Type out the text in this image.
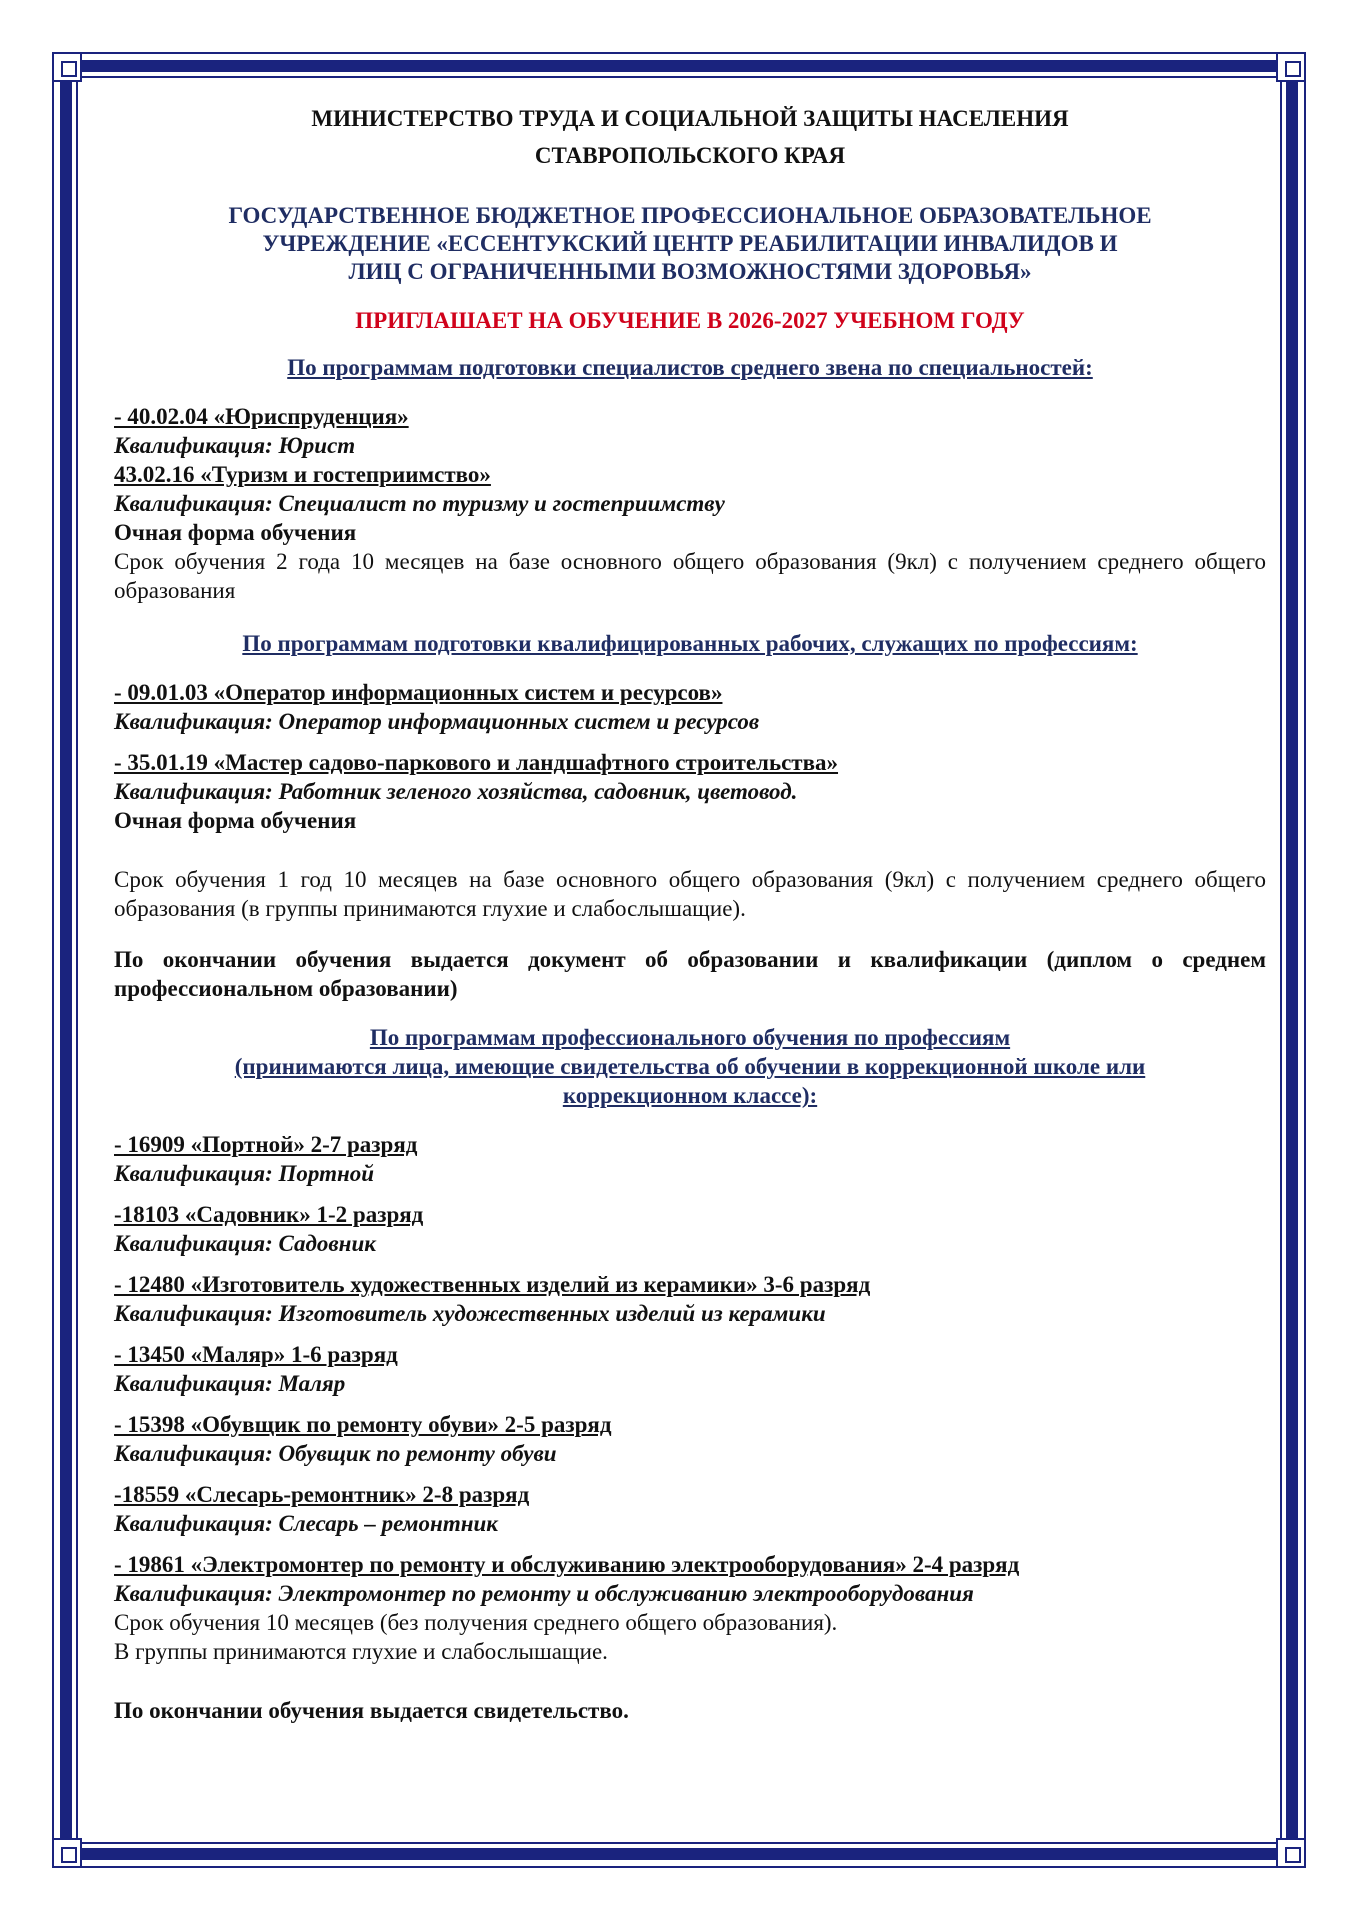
МИНИСТЕРСТВО ТРУДА И СОЦИАЛЬНОЙ ЗАЩИТЫ НАСЕЛЕНИЯ

СТАВРОПОЛЬСКОГО КРАЯ

ГОСУДАРСТВЕННОЕ БЮДЖЕТНОЕ ПРОФЕССИОНАЛЬНОЕ ОБРАЗОВАТЕЛЬНОЕ

УЧРЕЖДЕНИЕ «ЕССЕНТУКСКИЙ ЦЕНТР РЕАБИЛИТАЦИИ ИНВАЛИДОВ И

ЛИЦ С ОГРАНИЧЕННЫМИ ВОЗМОЖНОСТЯМИ ЗДОРОВЬЯ»

ПРИГЛАШАЕТ НА ОБУЧЕНИЕ В 2026-2027 УЧЕБНОМ ГОДУ

По программам подготовки специалистов среднего звена по специальностей:

- 40.02.04 «Юриспруденция»

Квалификация: Юрист

43.02.16 «Туризм и гостеприимство»

Квалификация: Специалист по туризму и гостеприимству

Очная форма обучения

Срок обучения 2 года 10 месяцев на базе основного общего образования (9кл) с получением среднего общего образования

По программам подготовки квалифицированных рабочих, служащих по профессиям:

- 09.01.03 «Оператор информационных систем и ресурсов»

Квалификация: Оператор информационных систем и ресурсов

- 35.01.19 «Мастер садово-паркового и ландшафтного строительства»

Квалификация: Работник зеленого хозяйства, садовник, цветовод.

Очная форма обучения

Срок обучения 1 год 10 месяцев на базе основного общего образования (9кл) с получением среднего общего образования (в группы принимаются глухие и слабослышащие).

По окончании обучения выдается документ об образовании и квалификации (диплом о среднем профессиональном образовании)

По программам профессионального обучения по профессиям

(принимаются лица, имеющие свидетельства об обучении в коррекционной школе или

коррекционном классе):

- 16909 «Портной» 2-7 разряд

Квалификация: Портной

-18103 «Садовник» 1-2 разряд

Квалификация: Садовник

- 12480 «Изготовитель художественных изделий из керамики» 3-6 разряд

Квалификация: Изготовитель художественных изделий из керамики

- 13450 «Маляр» 1-6 разряд

Квалификация: Маляр

- 15398 «Обувщик по ремонту обуви» 2-5 разряд

Квалификация: Обувщик по ремонту обуви

-18559 «Слесарь-ремонтник» 2-8 разряд

Квалификация: Слесарь – ремонтник

- 19861 «Электромонтер по ремонту и обслуживанию электрооборудования» 2-4 разряд

Квалификация: Электромонтер по ремонту и обслуживанию электрооборудования

Срок обучения 10 месяцев (без получения среднего общего образования).

В группы принимаются глухие и слабослышащие.

По окончании обучения выдается свидетельство.
